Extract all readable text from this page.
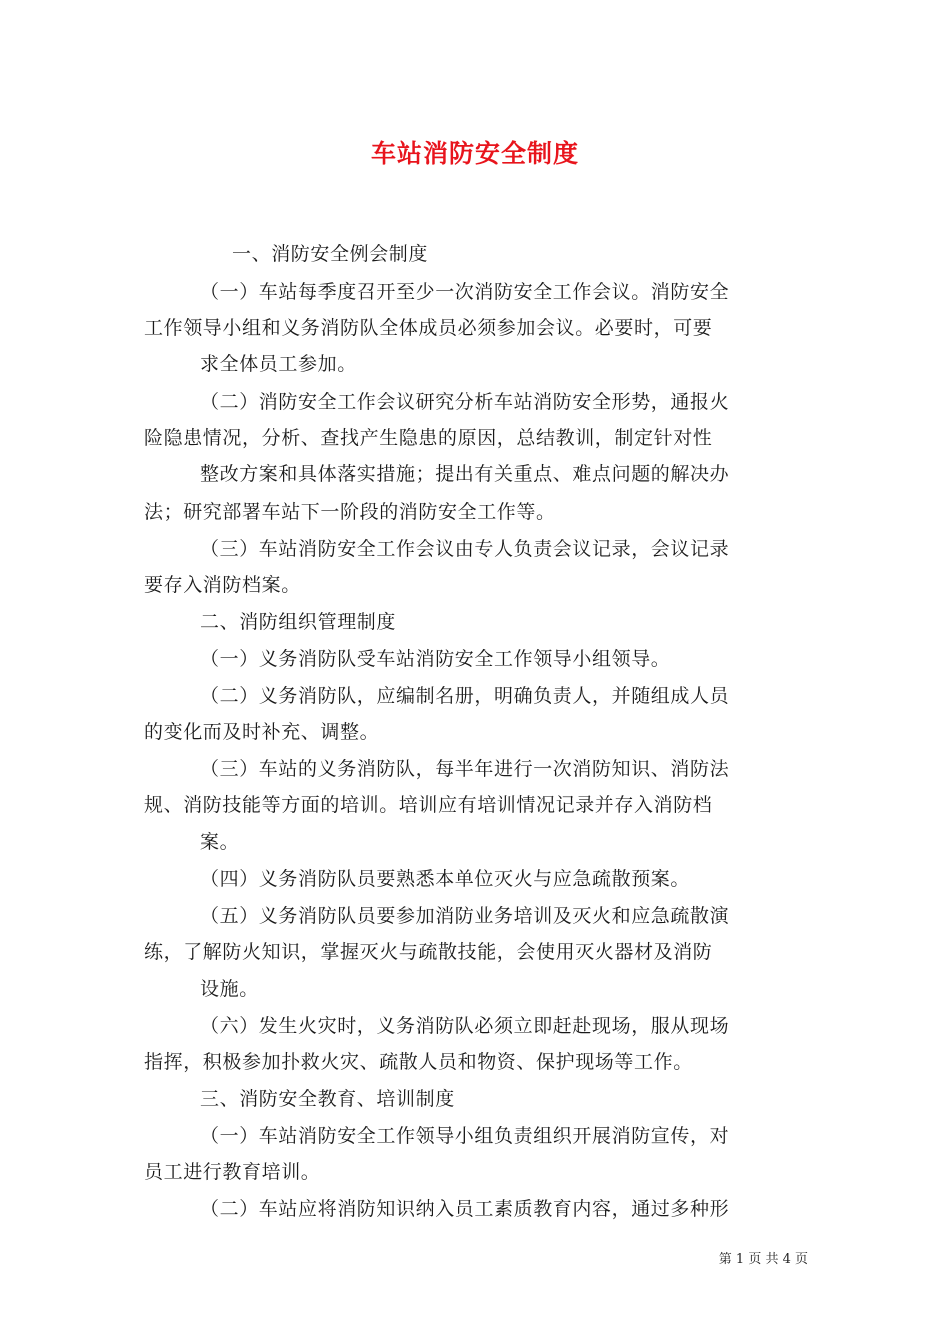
车站消防安全制度
一、消防安全例会制度
（一）车站每季度召开至少一次消防安全工作会议。消防安全
工作领导小组和义务消防队全体成员必须参加会议。必要时，可要
求全体员工参加。
（二）消防安全工作会议研究分析车站消防安全形势，通报火
险隐患情况，分析、查找产生隐患的原因，总结教训，制定针对性
整改方案和具体落实措施；提出有关重点、难点问题的解决办
法；研究部署车站下一阶段的消防安全工作等。
（三）车站消防安全工作会议由专人负责会议记录，会议记录
要存入消防档案。
二、消防组织管理制度
（一）义务消防队受车站消防安全工作领导小组领导。
（二）义务消防队，应编制名册，明确负责人，并随组成人员
的变化而及时补充、调整。
（三）车站的义务消防队，每半年进行一次消防知识、消防法
规、消防技能等方面的培训。培训应有培训情况记录并存入消防档
案。
（四）义务消防队员要熟悉本单位灭火与应急疏散预案。
（五）义务消防队员要参加消防业务培训及灭火和应急疏散演
练，了解防火知识，掌握灭火与疏散技能，会使用灭火器材及消防
设施。
（六）发生火灾时，义务消防队必须立即赶赴现场，服从现场
指挥，积极参加扑救火灾、疏散人员和物资、保护现场等工作。
三、消防安全教育、培训制度
（一）车站消防安全工作领导小组负责组织开展消防宣传，对
员工进行教育培训。
（二）车站应将消防知识纳入员工素质教育内容，通过多种形
第 1 页 共 4 页
